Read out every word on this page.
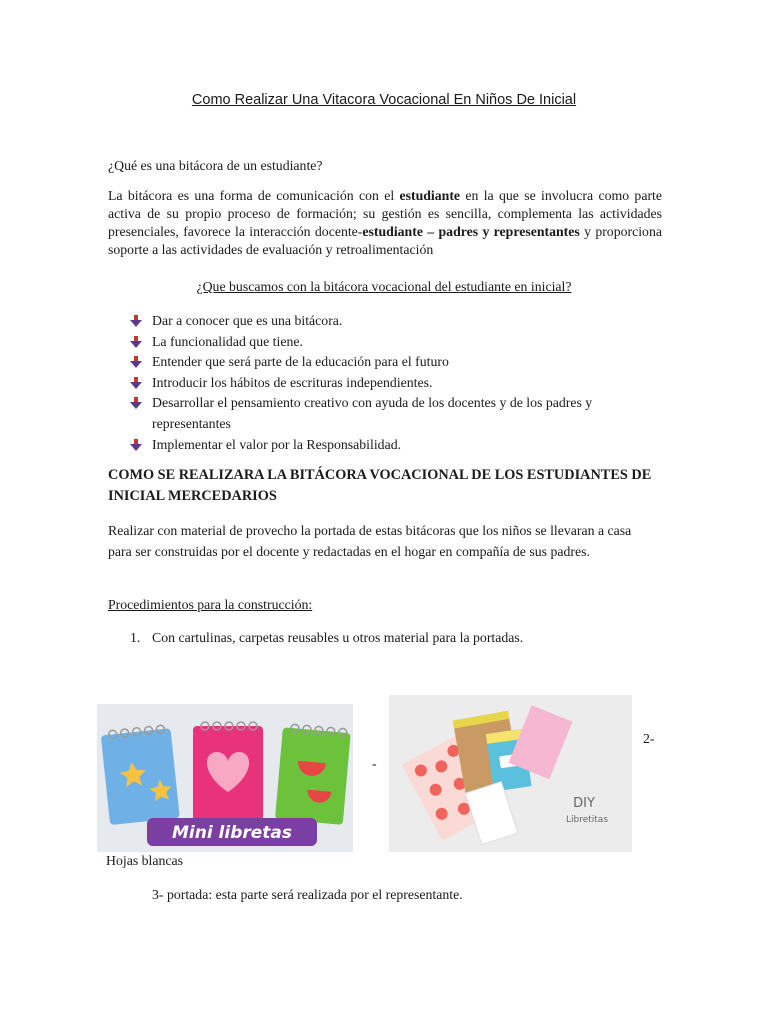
Como Realizar Una Vitacora Vocacional En Niños De Inicial
¿Qué es una bitácora de un estudiante?
La bitácora es una forma de comunicación con el estudiante en la que se involucra como parte activa de su propio proceso de formación; su gestión es sencilla, complementa las actividades presenciales, favorece la interacción docente-estudiante – padres y representantes y proporciona soporte a las actividades de evaluación y retroalimentación
¿Que buscamos con la bitácora vocacional del estudiante en inicial?
Dar a conocer que es una bitácora.
La funcionalidad que tiene.
Entender que será parte de la educación para el futuro
Introducir los hábitos de escrituras independientes.
Desarrollar el pensamiento creativo con ayuda de los docentes y de los padres y representantes
Implementar el valor por la Responsabilidad.
COMO SE REALIZARA LA BITÁCORA VOCACIONAL DE LOS ESTUDIANTES DE INICIAL MERCEDARIOS
Realizar con material de provecho la portada de estas bitácoras que los niños se llevaran a casa para ser construidas por el docente y redactadas en el hogar en compañía de sus padres.
Procedimientos para la construcción:
1. Con cartulinas, carpetas reusables u otros material para la portadas.
Mini libretas
-
DIY
Libretitas
2-
Hojas blancas
3- portada: esta parte será realizada por el representante.
